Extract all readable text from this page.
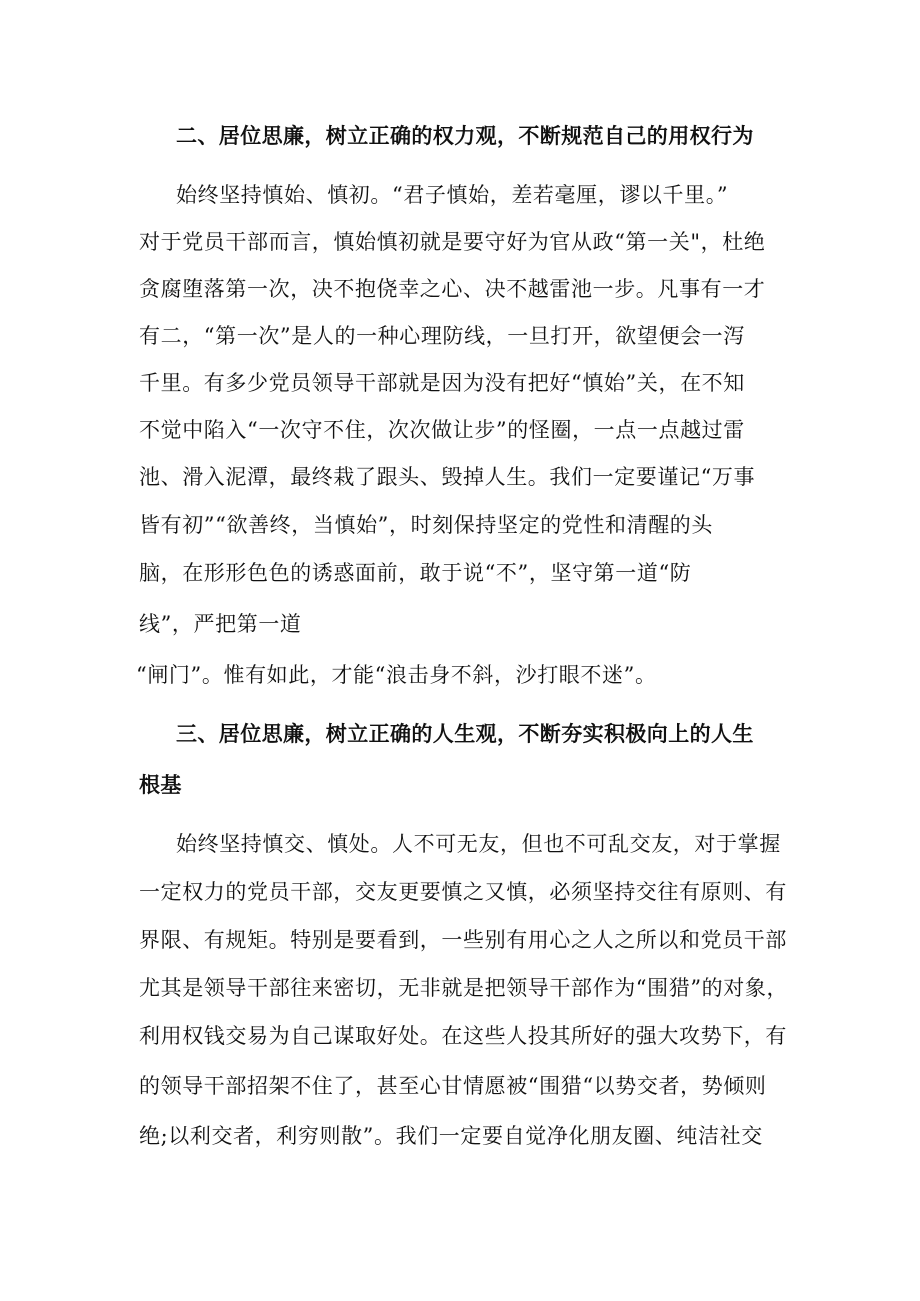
二、居位思廉，树立正确的权力观，不断规范自己的用权行为
始终坚持慎始、慎初。“君子慎始，差若毫厘，谬以千里。”
对于党员干部而言，慎始慎初就是要守好为官从政“第一关"，杜绝
贪腐堕落第一次，决不抱侥幸之心、决不越雷池一步。凡事有一才
有二，“第一次”是人的一种心理防线，一旦打开，欲望便会一泻
千里。有多少党员领导干部就是因为没有把好“慎始”关，在不知
不觉中陷入“一次守不住，次次做让步”的怪圈，一点一点越过雷
池、滑入泥潭，最终栽了跟头、毁掉人生。我们一定要谨记“万事
皆有初”“欲善终，当慎始”，时刻保持坚定的党性和清醒的头
脑，在形形色色的诱惑面前，敢于说“不”，坚守第一道“防
线”，严把第一道
“闸门”。惟有如此，才能“浪击身不斜，沙打眼不迷”。
三、居位思廉，树立正确的人生观，不断夯实积极向上的人生
根基
始终坚持慎交、慎处。人不可无友，但也不可乱交友，对于掌握
一定权力的党员干部，交友更要慎之又慎，必须坚持交往有原则、有
界限、有规矩。特别是要看到，一些别有用心之人之所以和党员干部
尤其是领导干部往来密切，无非就是把领导干部作为“围猎”的对象，
利用权钱交易为自己谋取好处。在这些人投其所好的强大攻势下，有
的领导干部招架不住了，甚至心甘情愿被“围猎“以势交者，势倾则
绝;以利交者，利穷则散”。我们一定要自觉净化朋友圈、纯洁社交
